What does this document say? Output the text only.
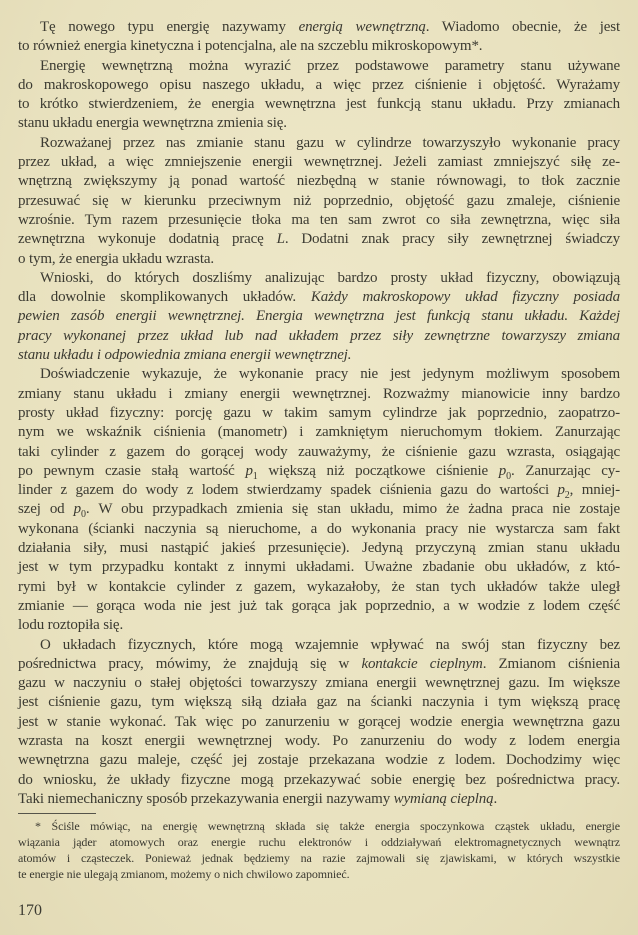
Tę nowego typu energię nazywamy energią wewnętrzną. Wiadomo obecnie, że jest
to również energia kinetyczna i potencjalna, ale na szczeblu mikroskopowym*.
Energię wewnętrzną można wyrazić przez podstawowe parametry stanu używane
do makroskopowego opisu naszego układu, a więc przez ciśnienie i objętość. Wyrażamy
to krótko stwierdzeniem, że energia wewnętrzna jest funkcją stanu układu. Przy zmianach
stanu układu energia wewnętrzna zmienia się.
Rozważanej przez nas zmianie stanu gazu w cylindrze towarzyszyło wykonanie pracy
przez układ, a więc zmniejszenie energii wewnętrznej. Jeżeli zamiast zmniejszyć siłę ze-
wnętrzną zwiększymy ją ponad wartość niezbędną w stanie równowagi, to tłok zacznie
przesuwać się w kierunku przeciwnym niż poprzednio, objętość gazu zmaleje, ciśnienie
wzrośnie. Tym razem przesunięcie tłoka ma ten sam zwrot co siła zewnętrzna, więc siła
zewnętrzna wykonuje dodatnią pracę L. Dodatni znak pracy siły zewnętrznej świadczy
o tym, że energia układu wzrasta.
Wnioski, do których doszliśmy analizując bardzo prosty układ fizyczny, obowiązują
dla dowolnie skomplikowanych układów. Każdy makroskopowy układ fizyczny posiada
pewien zasób energii wewnętrznej. Energia wewnętrzna jest funkcją stanu układu. Każdej
pracy wykonanej przez układ lub nad układem przez siły zewnętrzne towarzyszy zmiana
stanu układu i odpowiednia zmiana energii wewnętrznej.
Doświadczenie wykazuje, że wykonanie pracy nie jest jedynym możliwym sposobem
zmiany stanu układu i zmiany energii wewnętrznej. Rozważmy mianowicie inny bardzo
prosty układ fizyczny: porcję gazu w takim samym cylindrze jak poprzednio, zaopatrzo-
nym we wskaźnik ciśnienia (manometr) i zamkniętym nieruchomym tłokiem. Zanurzając
taki cylinder z gazem do gorącej wody zauważymy, że ciśnienie gazu wzrasta, osiągając
po pewnym czasie stałą wartość $p_1$ większą niż początkowe ciśnienie $p_0$. Zanurzając cy-
linder z gazem do wody z lodem stwierdzamy spadek ciśnienia gazu do wartości $p_2$, mniej-
szej od $p_0$. W obu przypadkach zmienia się stan układu, mimo że żadna praca nie zostaje
wykonana (ścianki naczynia są nieruchome, a do wykonania pracy nie wystarcza sam fakt
działania siły, musi nastąpić jakieś przesunięcie). Jedyną przyczyną zmian stanu układu
jest w tym przypadku kontakt z innymi układami. Uważne zbadanie obu układów, z któ-
rymi był w kontakcie cylinder z gazem, wykazałoby, że stan tych układów także uległ
zmianie — gorąca woda nie jest już tak gorąca jak poprzednio, a w wodzie z lodem część
lodu roztopiła się.
O układach fizycznych, które mogą wzajemnie wpływać na swój stan fizyczny bez
pośrednictwa pracy, mówimy, że znajdują się w kontakcie cieplnym. Zmianom ciśnienia
gazu w naczyniu o stałej objętości towarzyszy zmiana energii wewnętrznej gazu. Im większe
jest ciśnienie gazu, tym większą siłą działa gaz na ścianki naczynia i tym większą pracę
jest w stanie wykonać. Tak więc po zanurzeniu w gorącej wodzie energia wewnętrzna gazu
wzrasta na koszt energii wewnętrznej wody. Po zanurzeniu do wody z lodem energia
wewnętrzna gazu maleje, część jej zostaje przekazana wodzie z lodem. Dochodzimy więc
do wniosku, że układy fizyczne mogą przekazywać sobie energię bez pośrednictwa pracy.
Taki niemechaniczny sposób przekazywania energii nazywamy wymianą cieplną.
* Ściśle mówiąc, na energię wewnętrzną składa się także energia spoczynkowa cząstek układu, energie
wiązania jąder atomowych oraz energie ruchu elektronów i oddziaływań elektromagnetycznych wewnątrz
atomów i cząsteczek. Ponieważ jednak będziemy na razie zajmowali się zjawiskami, w których wszystkie
te energie nie ulegają zmianom, możemy o nich chwilowo zapomnieć.
170
